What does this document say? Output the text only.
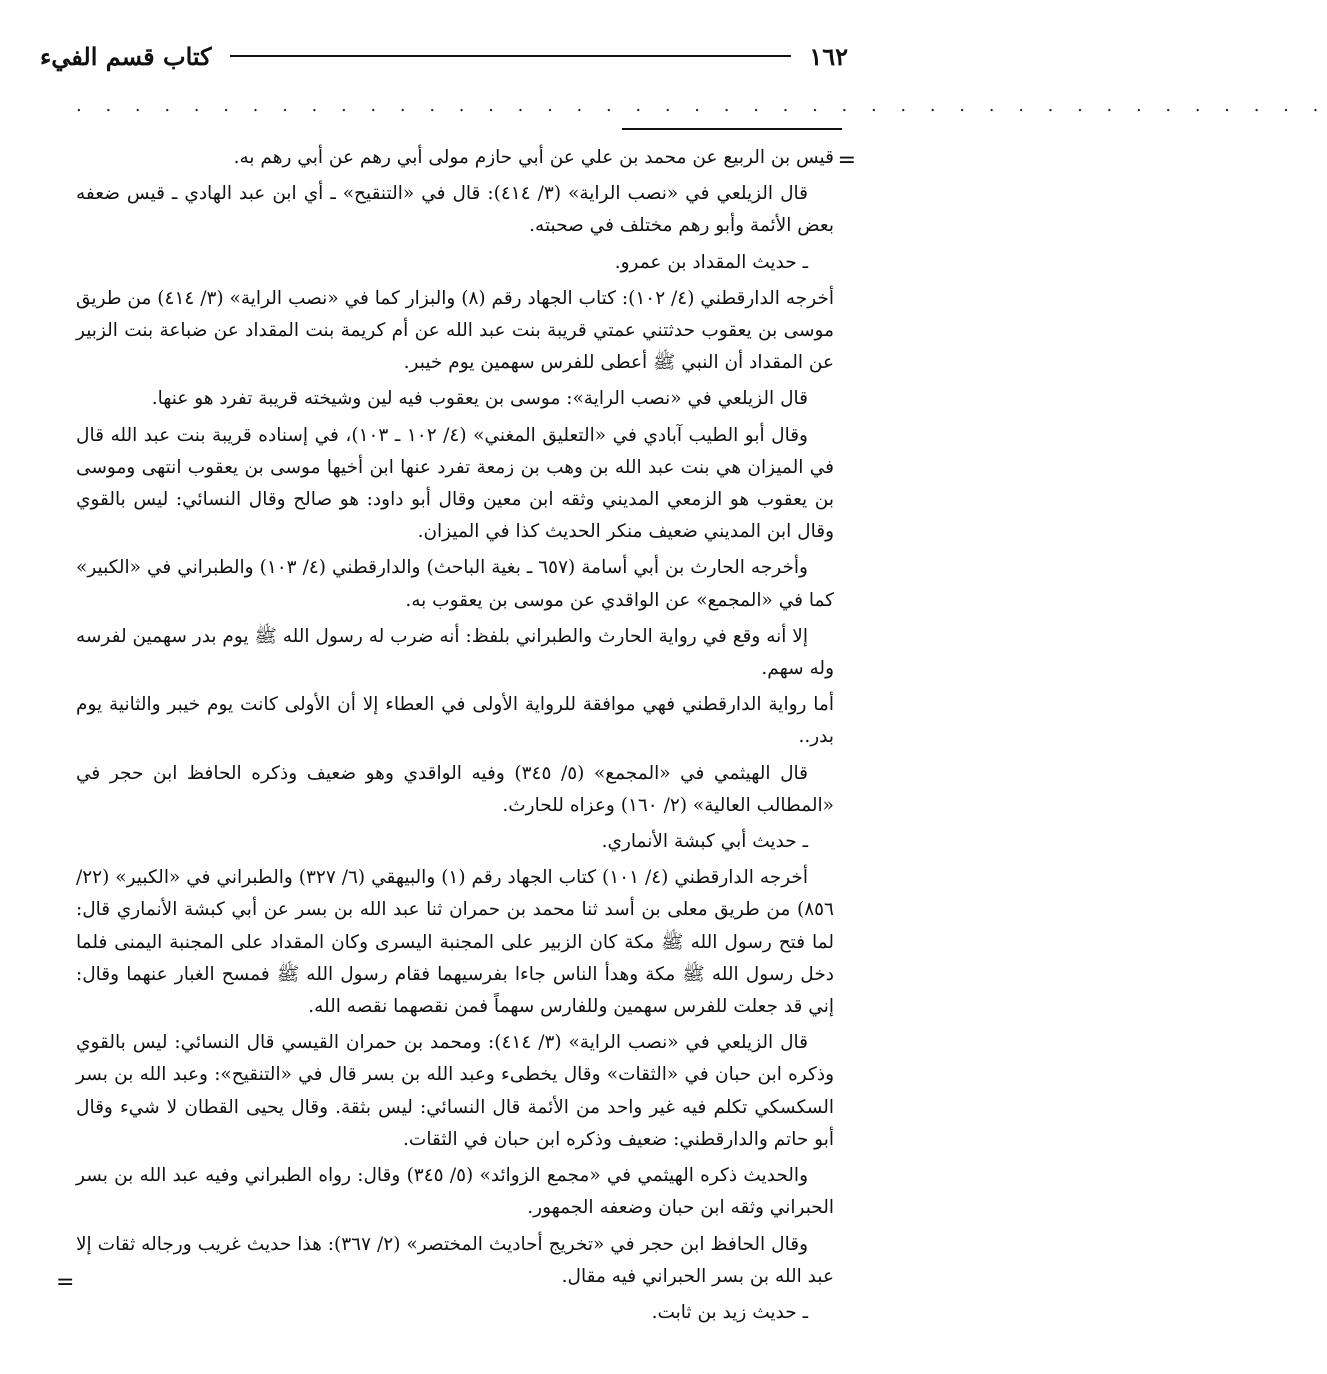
١٦٢
كتاب قسم الفيء
. . . . . . . . . . . . . . . . . . . . . . . . . . . . . . . . . . . . . . . . . . .
=
=

قيس بن الربيع عن محمد بن علي عن أبي حازم مولى أبي رهم عن أبي رهم به.

قال الزيلعي في «نصب الراية» (٣/ ٤١٤): قال في «التنقيح» ـ أي ابن عبد الهادي ـ قيس ضعفه بعض الأئمة وأبو رهم مختلف في صحبته.

ـ حديث المقداد بن عمرو.

أخرجه الدارقطني (٤/ ١٠٢): كتاب الجهاد رقم (٨) والبزار كما في «نصب الراية» (٣/ ٤١٤) من طريق موسى بن يعقوب حدثتني عمتي قريبة بنت عبد الله عن أم كريمة بنت المقداد عن ضباعة بنت الزبير عن المقداد أن النبي ﷺ أعطى للفرس سهمين يوم خيبر.

قال الزيلعي في «نصب الراية»: موسى بن يعقوب فيه لين وشيخته قريبة تفرد هو عنها.

وقال أبو الطيب آبادي في «التعليق المغني» (٤/ ١٠٢ ـ ١٠٣)، في إسناده قريبة بنت عبد الله قال في الميزان هي بنت عبد الله بن وهب بن زمعة تفرد عنها ابن أخيها موسى بن يعقوب انتهى وموسى بن يعقوب هو الزمعي المديني وثقه ابن معين وقال أبو داود: هو صالح وقال النسائي: ليس بالقوي وقال ابن المديني ضعيف منكر الحديث كذا في الميزان.

وأخرجه الحارث بن أبي أسامة (٦٥٧ ـ بغية الباحث) والدارقطني (٤/ ١٠٣) والطبراني في «الكبير» كما في «المجمع» عن الواقدي عن موسى بن يعقوب به.

إلا أنه وقع في رواية الحارث والطبراني بلفظ: أنه ضرب له رسول الله ﷺ يوم بدر سهمين لفرسه وله سهم.

أما رواية الدارقطني فهي موافقة للرواية الأولى في العطاء إلا أن الأولى كانت يوم خيبر والثانية يوم بدر..

قال الهيثمي في «المجمع» (٥/ ٣٤٥) وفيه الواقدي وهو ضعيف وذكره الحافظ ابن حجر في «المطالب العالية» (٢/ ١٦٠) وعزاه للحارث.

ـ حديث أبي كبشة الأنماري.

أخرجه الدارقطني (٤/ ١٠١) كتاب الجهاد رقم (١) والبيهقي (٦/ ٣٢٧) والطبراني في «الكبير» (٢٢/ ٨٥٦) من طريق معلى بن أسد ثنا محمد بن حمران ثنا عبد الله بن بسر عن أبي كبشة الأنماري قال: لما فتح رسول الله ﷺ مكة كان الزبير على المجنبة اليسرى وكان المقداد على المجنبة اليمنى فلما دخل رسول الله ﷺ مكة وهدأ الناس جاءا بفرسيهما فقام رسول الله ﷺ فمسح الغبار عنهما وقال: إني قد جعلت للفرس سهمين وللفارس سهماً فمن نقصهما نقصه الله.

قال الزيلعي في «نصب الراية» (٣/ ٤١٤): ومحمد بن حمران القيسي قال النسائي: ليس بالقوي وذكره ابن حبان في «الثقات» وقال يخطىء وعبد الله بن بسر قال في «التنقيح»: وعبد الله بن بسر السكسكي تكلم فيه غير واحد من الأئمة قال النسائي: ليس بثقة. وقال يحيى القطان لا شيء وقال أبو حاتم والدارقطني: ضعيف وذكره ابن حبان في الثقات.

والحديث ذكره الهيثمي في «مجمع الزوائد» (٥/ ٣٤٥) وقال: رواه الطبراني وفيه عبد الله بن بسر الحبراني وثقه ابن حبان وضعفه الجمهور.

وقال الحافظ ابن حجر في «تخريج أحاديث المختصر» (٢/ ٣٦٧): هذا حديث غريب ورجاله ثقات إلا عبد الله بن بسر الحبراني فيه مقال.

ـ حديث زيد بن ثابت.
